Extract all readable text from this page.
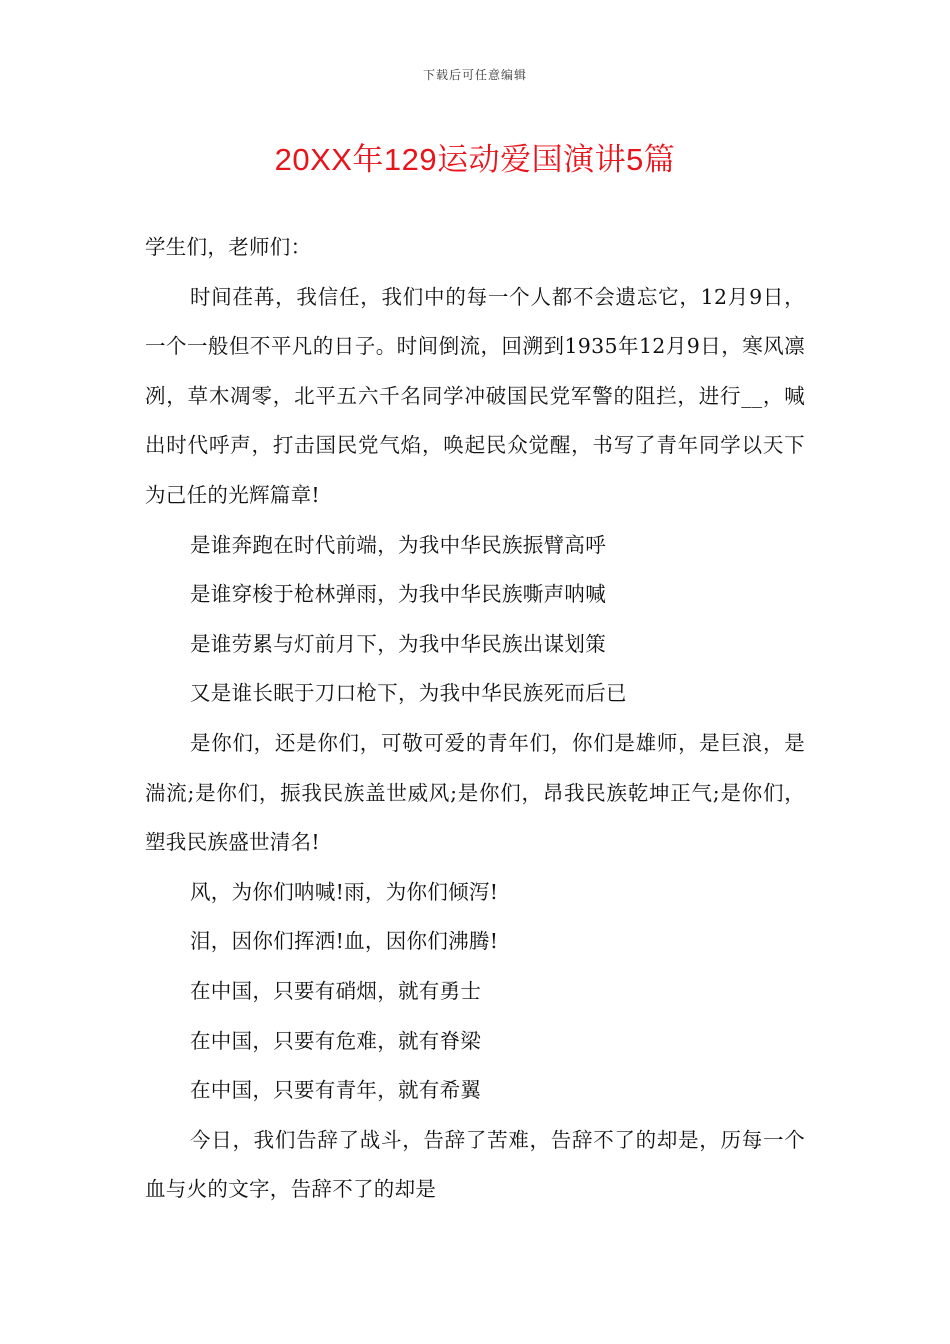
下载后可任意编辑
20XX年129运动爱国演讲5篇

学生们，老师们：

时间荏苒，我信任，我们中的每一个人都不会遗忘它，12月9日，一个一般但不平凡的日子。时间倒流，回溯到1935年12月9日，寒风凛冽，草木凋零，北平五六千名同学冲破国民党军警的阻拦，进行__，喊出时代呼声，打击国民党气焰，唤起民众觉醒，书写了青年同学以天下为己任的光辉篇章!

是谁奔跑在时代前端，为我中华民族振臂高呼

是谁穿梭于枪林弹雨，为我中华民族嘶声呐喊

是谁劳累与灯前月下，为我中华民族出谋划策

又是谁长眠于刀口枪下，为我中华民族死而后已

是你们，还是你们，可敬可爱的青年们，你们是雄师，是巨浪，是湍流;是你们，振我民族盖世威风;是你们，昂我民族乾坤正气;是你们，塑我民族盛世清名!

风，为你们呐喊!雨，为你们倾泻!

泪，因你们挥洒!血，因你们沸腾!

在中国，只要有硝烟，就有勇士

在中国，只要有危难，就有脊梁

在中国，只要有青年，就有希翼

今日，我们告辞了战斗，告辞了苦难，告辞不了的却是，历每一个血与火的文字，告辞不了的却是
